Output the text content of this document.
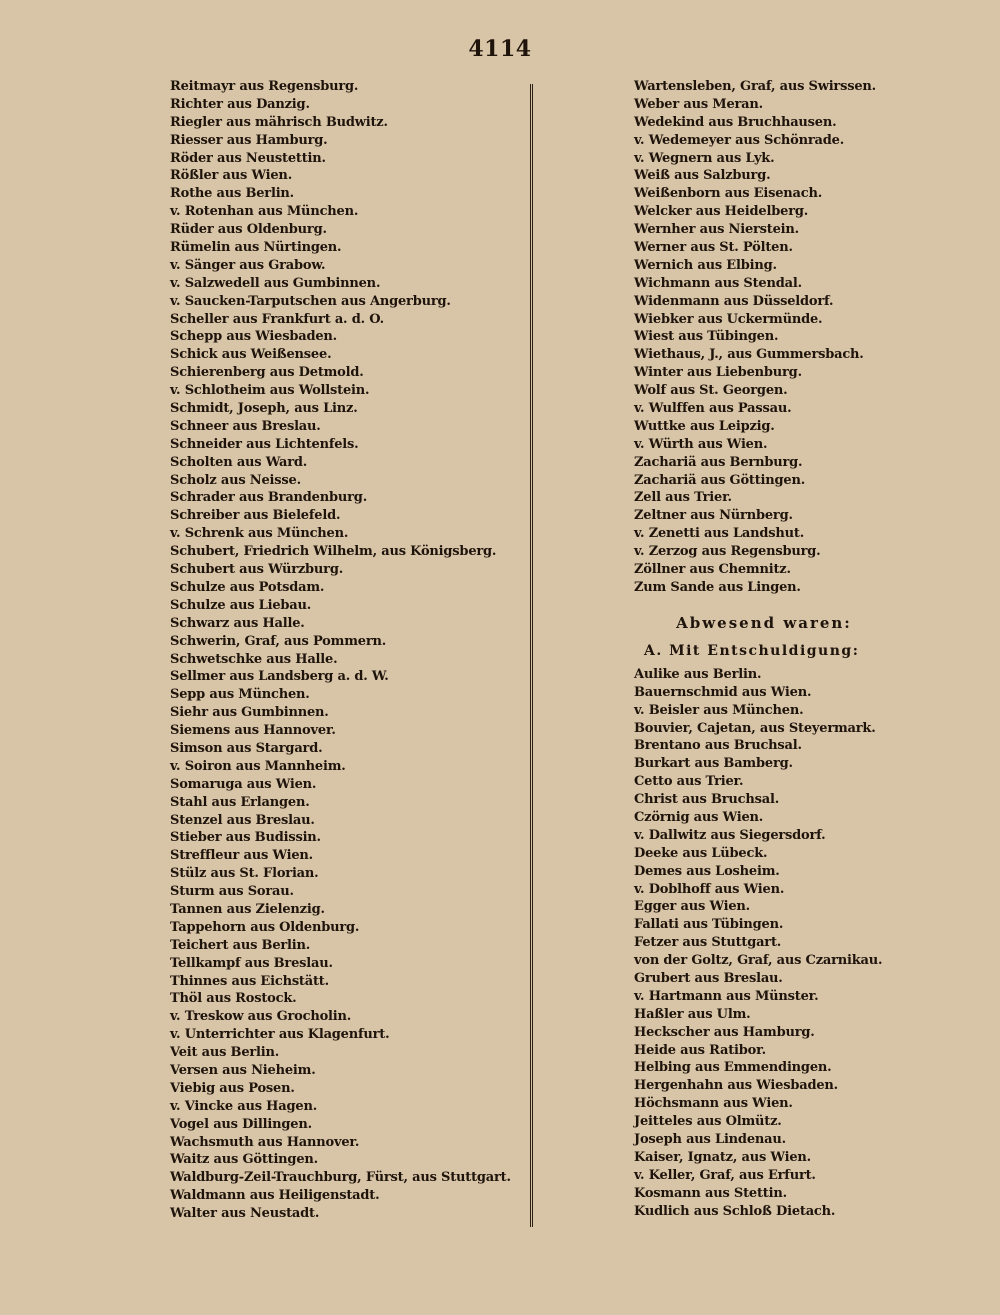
4114
Reitmayr aus Regensburg.
Richter aus Danzig.
Riegler aus mährisch Budwitz.
Riesser aus Hamburg.
Röder aus Neustettin.
Rößler aus Wien.
Rothe aus Berlin.
v. Rotenhan aus München.
Rüder aus Oldenburg.
Rümelin aus Nürtingen.
v. Sänger aus Grabow.
v. Salzwedell aus Gumbinnen.
v. Saucken-Tarputschen aus Angerburg.
Scheller aus Frankfurt a. d. O.
Schepp aus Wiesbaden.
Schick aus Weißensee.
Schierenberg aus Detmold.
v. Schlotheim aus Wollstein.
Schmidt, Joseph, aus Linz.
Schneer aus Breslau.
Schneider aus Lichtenfels.
Scholten aus Ward.
Scholz aus Neisse.
Schrader aus Brandenburg.
Schreiber aus Bielefeld.
v. Schrenk aus München.
Schubert, Friedrich Wilhelm, aus Königsberg.
Schubert aus Würzburg.
Schulze aus Potsdam.
Schulze aus Liebau.
Schwarz aus Halle.
Schwerin, Graf, aus Pommern.
Schwetschke aus Halle.
Sellmer aus Landsberg a. d. W.
Sepp aus München.
Siehr aus Gumbinnen.
Siemens aus Hannover.
Simson aus Stargard.
v. Soiron aus Mannheim.
Somaruga aus Wien.
Stahl aus Erlangen.
Stenzel aus Breslau.
Stieber aus Budissin.
Streffleur aus Wien.
Stülz aus St. Florian.
Sturm aus Sorau.
Tannen aus Zielenzig.
Tappehorn aus Oldenburg.
Teichert aus Berlin.
Tellkampf aus Breslau.
Thinnes aus Eichstätt.
Thöl aus Rostock.
v. Treskow aus Grocholin.
v. Unterrichter aus Klagenfurt.
Veit aus Berlin.
Versen aus Nieheim.
Viebig aus Posen.
v. Vincke aus Hagen.
Vogel aus Dillingen.
Wachsmuth aus Hannover.
Waitz aus Göttingen.
Waldburg-Zeil-Trauchburg, Fürst, aus Stuttgart.
Waldmann aus Heiligenstadt.
Walter aus Neustadt.
Wartensleben, Graf, aus Swirssen.
Weber aus Meran.
Wedekind aus Bruchhausen.
v. Wedemeyer aus Schönrade.
v. Wegnern aus Lyk.
Weiß aus Salzburg.
Weißenborn aus Eisenach.
Welcker aus Heidelberg.
Wernher aus Nierstein.
Werner aus St. Pölten.
Wernich aus Elbing.
Wichmann aus Stendal.
Widenmann aus Düsseldorf.
Wiebker aus Uckermünde.
Wiest aus Tübingen.
Wiethaus, J., aus Gummersbach.
Winter aus Liebenburg.
Wolf aus St. Georgen.
v. Wulffen aus Passau.
Wuttke aus Leipzig.
v. Würth aus Wien.
Zachariä aus Bernburg.
Zachariä aus Göttingen.
Zell aus Trier.
Zeltner aus Nürnberg.
v. Zenetti aus Landshut.
v. Zerzog aus Regensburg.
Zöllner aus Chemnitz.
Zum Sande aus Lingen.
Abwesend waren:
A. Mit Entschuldigung:
Aulike aus Berlin.
Bauernschmid aus Wien.
v. Beisler aus München.
Bouvier, Cajetan, aus Steyermark.
Brentano aus Bruchsal.
Burkart aus Bamberg.
Cetto aus Trier.
Christ aus Bruchsal.
Czörnig aus Wien.
v. Dallwitz aus Siegersdorf.
Deeke aus Lübeck.
Demes aus Losheim.
v. Doblhoff aus Wien.
Egger aus Wien.
Fallati aus Tübingen.
Fetzer aus Stuttgart.
von der Goltz, Graf, aus Czarnikau.
Grubert aus Breslau.
v. Hartmann aus Münster.
Haßler aus Ulm.
Heckscher aus Hamburg.
Heide aus Ratibor.
Helbing aus Emmendingen.
Hergenhahn aus Wiesbaden.
Höchsmann aus Wien.
Jeitteles aus Olmütz.
Joseph aus Lindenau.
Kaiser, Ignatz, aus Wien.
v. Keller, Graf, aus Erfurt.
Kosmann aus Stettin.
Kudlich aus Schloß Dietach.
